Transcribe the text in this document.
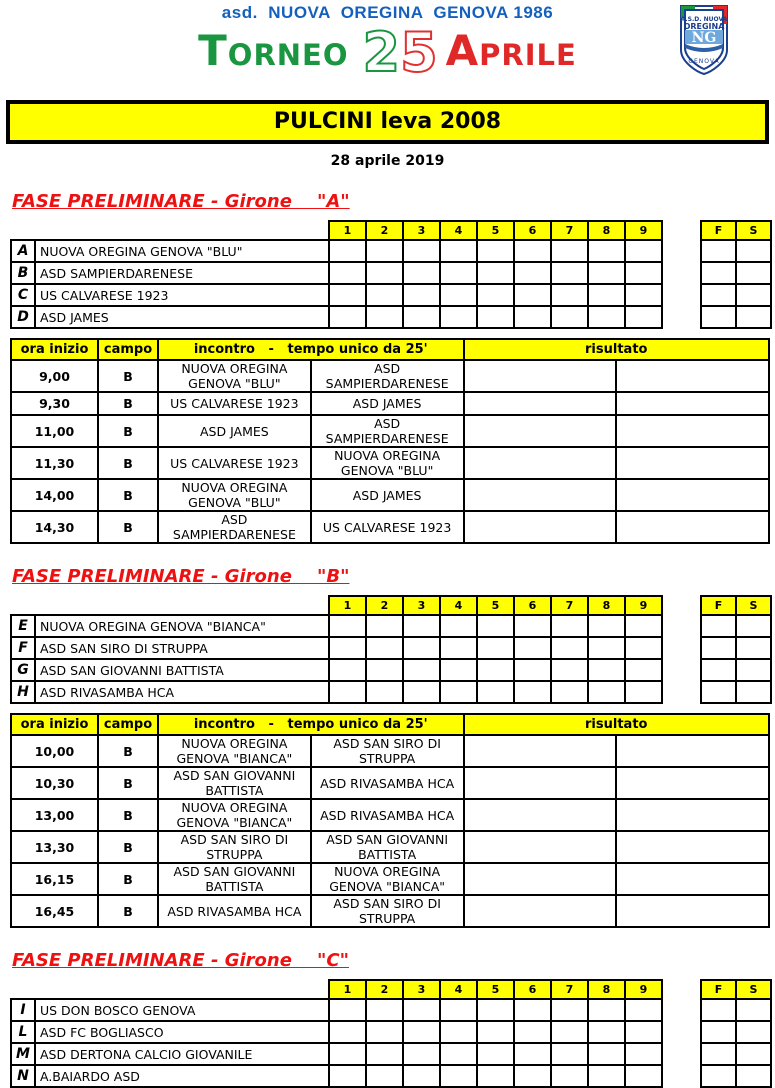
asd.  NUOVA  OREGINA  GENOVA 1986
Torneo 25 Aprile
A.S.D. NUOVA
OREGINA
NG
GENOVA
PULCINI leva 2008
28 aprile 2019
FASE PRELIMINARE - Girone    "A"
		1	2	3	4	5	6	7	8	9
A	NUOVA OREGINA GENOVA "BLU"									
B	ASD SAMPIERDARENESE									
C	US CALVARESE 1923									
D	ASD JAMES									
F	S

ora inizio	campo	incontro   -   tempo unico da 25'		risultato	
9,00	B	NUOVA OREGINA GENOVA "BLU"	ASD SAMPIERDARENESE		
9,30	B	US CALVARESE 1923	ASD JAMES		
11,00	B	ASD JAMES	ASD SAMPIERDARENESE		
11,30	B	US CALVARESE 1923	NUOVA OREGINA GENOVA "BLU"		
14,00	B	NUOVA OREGINA GENOVA "BLU"	ASD JAMES		
14,30	B	ASD SAMPIERDARENESE	US CALVARESE 1923		
FASE PRELIMINARE - Girone    "B"
		1	2	3	4	5	6	7	8	9
E	NUOVA OREGINA GENOVA "BIANCA"									
F	ASD SAN SIRO DI STRUPPA									
G	ASD SAN GIOVANNI BATTISTA									
H	ASD RIVASAMBA HCA									
F	S

ora inizio	campo	incontro   -   tempo unico da 25'		risultato	
10,00	B	NUOVA OREGINA GENOVA "BIANCA"	ASD SAN SIRO DI STRUPPA		
10,30	B	ASD SAN GIOVANNI BATTISTA	ASD RIVASAMBA HCA		
13,00	B	NUOVA OREGINA GENOVA "BIANCA"	ASD RIVASAMBA HCA		
13,30	B	ASD SAN SIRO DI STRUPPA	ASD SAN GIOVANNI BATTISTA		
16,15	B	ASD SAN GIOVANNI BATTISTA	NUOVA OREGINA GENOVA "BIANCA"		
16,45	B	ASD RIVASAMBA HCA	ASD SAN SIRO DI STRUPPA		
FASE PRELIMINARE - Girone    "C"
		1	2	3	4	5	6	7	8	9
I	US DON BOSCO GENOVA									
L	ASD FC BOGLIASCO									
M	ASD DERTONA CALCIO GIOVANILE									
N	A.BAIARDO ASD									
F	S
